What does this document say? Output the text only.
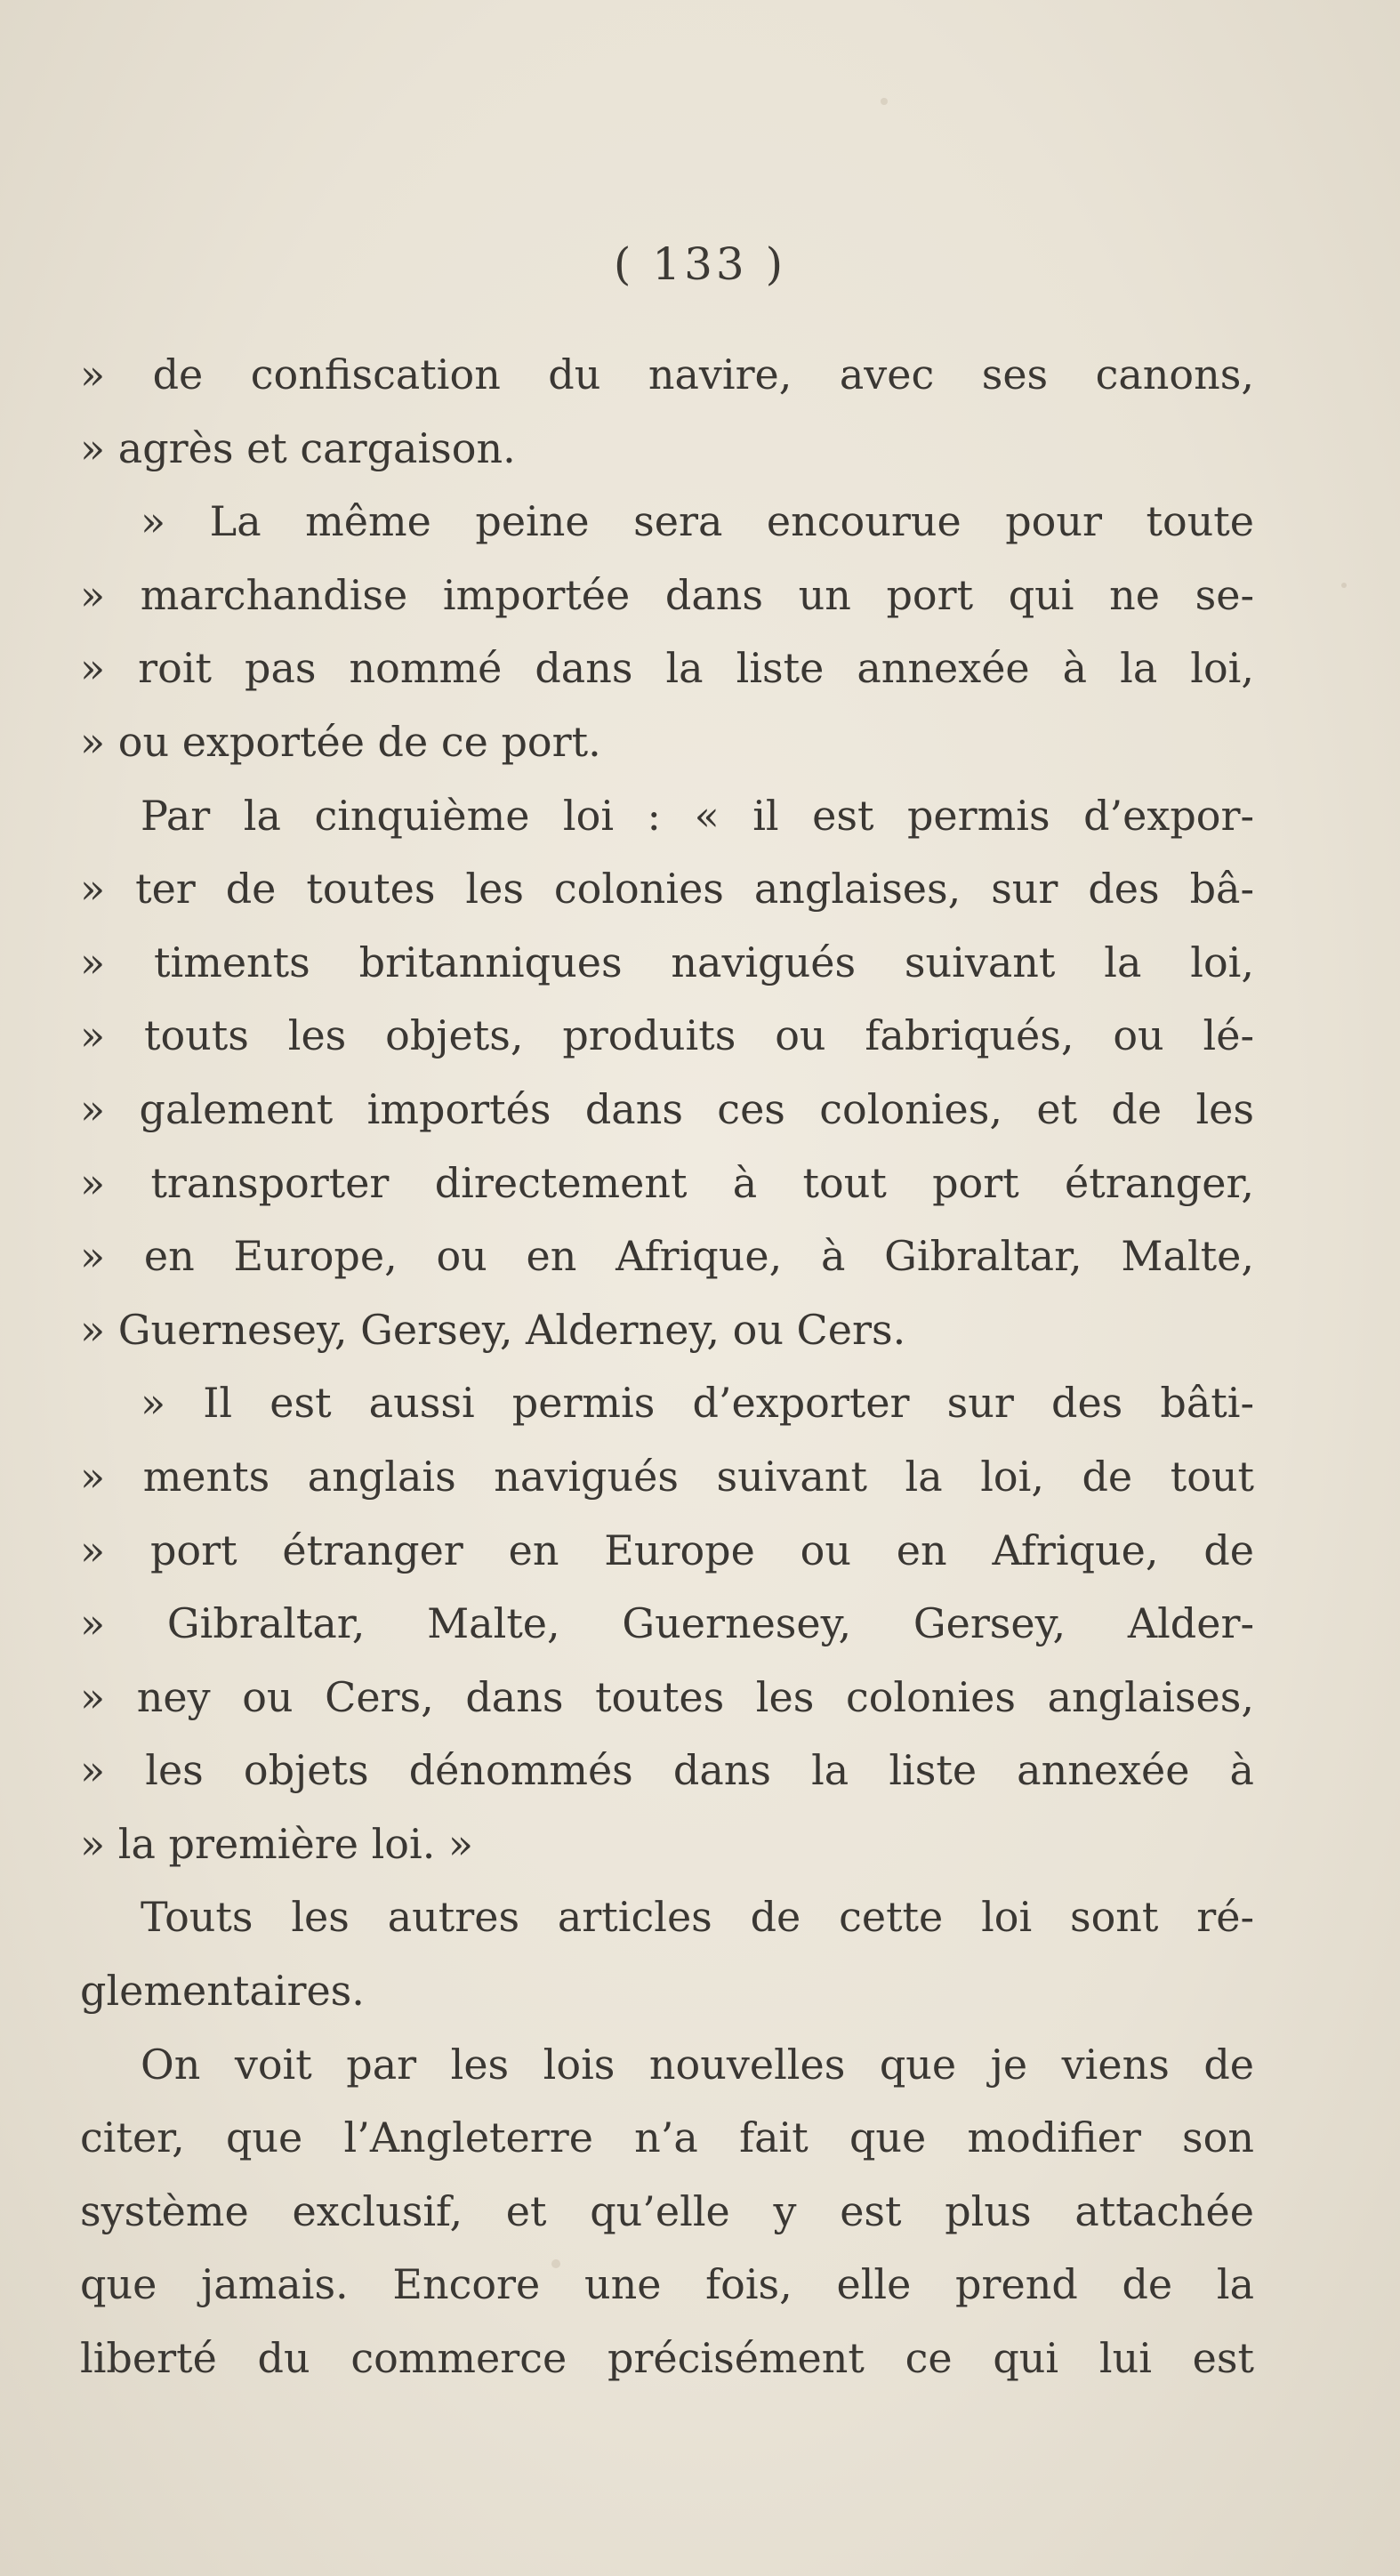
( 133 )
» de confiscation du navire, avec ses canons,
» agrès et cargaison.
» La même peine sera encourue pour toute
» marchandise importée dans un port qui ne se-
» roit pas nommé dans la liste annexée à la loi,
» ou exportée de ce port.
Par la cinquième loi : « il est permis d’expor-
» ter de toutes les colonies anglaises, sur des bâ-
» timents britanniques navigués suivant la loi,
» touts les objets, produits ou fabriqués, ou lé-
» galement importés dans ces colonies, et de les
» transporter directement à tout port étranger,
» en Europe, ou en Afrique, à Gibraltar, Malte,
» Guernesey, Gersey, Alderney, ou Cers.
» Il est aussi permis d’exporter sur des bâti-
» ments anglais navigués suivant la loi, de tout
» port étranger en Europe ou en Afrique, de
» Gibraltar, Malte, Guernesey, Gersey, Alder-
» ney ou Cers, dans toutes les colonies anglaises,
» les objets dénommés dans la liste annexée à
» la première loi. »
Touts les autres articles de cette loi sont ré-
glementaires.
On voit par les lois nouvelles que je viens de
citer, que l’Angleterre n’a fait que modifier son
système exclusif, et qu’elle y est plus attachée
que jamais. Encore une fois, elle prend de la
liberté du commerce précisément ce qui lui est
